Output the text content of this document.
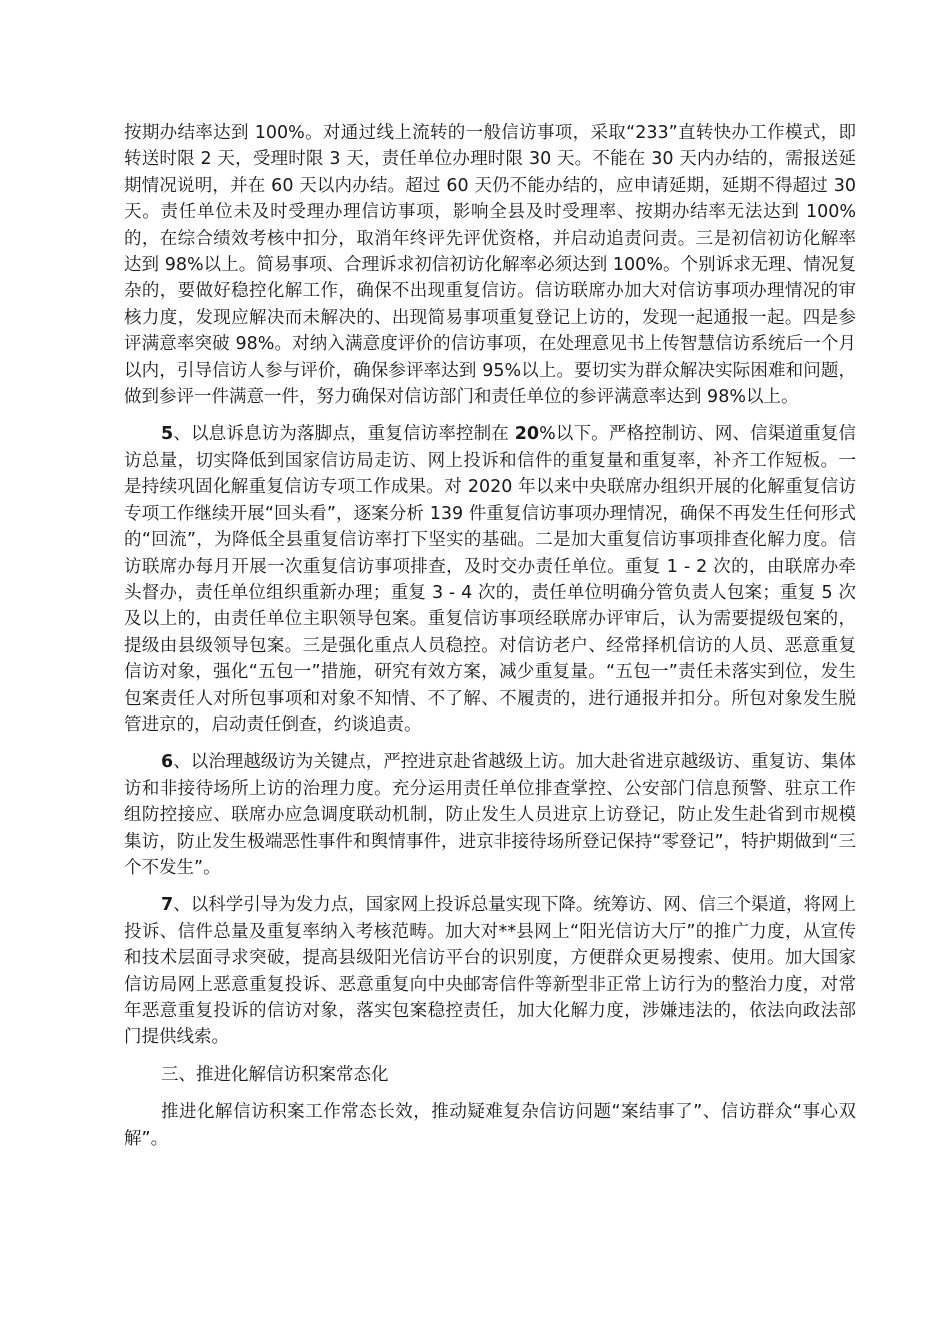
按期办结率达到 100%。对通过线上流转的一般信访事项，采取“233”直转快办工作模式，即转送时限 2 天，受理时限 3 天，责任单位办理时限 30 天。不能在 30 天内办结的，需报送延期情况说明，并在 60 天以内办结。超过 60 天仍不能办结的，应申请延期，延期不得超过 30 天。责任单位未及时受理办理信访事项，影响全县及时受理率、按期办结率无法达到 100%的，在综合绩效考核中扣分，取消年终评先评优资格，并启动追责问责。三是初信初访化解率达到 98%以上。简易事项、合理诉求初信初访化解率必须达到 100%。个别诉求无理、情况复杂的，要做好稳控化解工作，确保不出现重复信访。信访联席办加大对信访事项办理情况的审核力度，发现应解决而未解决的、出现简易事项重复登记上访的，发现一起通报一起。四是参评满意率突破 98%。对纳入满意度评价的信访事项，在处理意见书上传智慧信访系统后一个月以内，引导信访人参与评价，确保参评率达到 95%以上。要切实为群众解决实际困难和问题，做到参评一件满意一件，努力确保对信访部门和责任单位的参评满意率达到 98%以上。

5、以息诉息访为落脚点，重复信访率控制在 20%以下。严格控制访、网、信渠道重复信访总量，切实降低到国家信访局走访、网上投诉和信件的重复量和重复率，补齐工作短板。一是持续巩固化解重复信访专项工作成果。对 2020 年以来中央联席办组织开展的化解重复信访专项工作继续开展“回头看”，逐案分析 139 件重复信访事项办理情况，确保不再发生任何形式的“回流”，为降低全县重复信访率打下坚实的基础。二是加大重复信访事项排查化解力度。信访联席办每月开展一次重复信访事项排查，及时交办责任单位。重复 1 - 2 次的，由联席办牵头督办，责任单位组织重新办理；重复 3 - 4 次的，责任单位明确分管负责人包案；重复 5 次及以上的，由责任单位主职领导包案。重复信访事项经联席办评审后，认为需要提级包案的，提级由县级领导包案。三是强化重点人员稳控。对信访老户、经常择机信访的人员、恶意重复信访对象，强化“五包一”措施，研究有效方案，减少重复量。“五包一”责任未落实到位，发生包案责任人对所包事项和对象不知情、不了解、不履责的，进行通报并扣分。所包对象发生脱管进京的，启动责任倒查，约谈追责。

6、以治理越级访为关键点，严控进京赴省越级上访。加大赴省进京越级访、重复访、集体访和非接待场所上访的治理力度。充分运用责任单位排查掌控、公安部门信息预警、驻京工作组防控接应、联席办应急调度联动机制，防止发生人员进京上访登记，防止发生赴省到市规模集访，防止发生极端恶性事件和舆情事件，进京非接待场所登记保持“零登记”，特护期做到“三个不发生”。

7、以科学引导为发力点，国家网上投诉总量实现下降。统筹访、网、信三个渠道，将网上投诉、信件总量及重复率纳入考核范畴。加大对**县网上“阳光信访大厅”的推广力度，从宣传和技术层面寻求突破，提高县级阳光信访平台的识别度，方便群众更易搜索、使用。加大国家信访局网上恶意重复投诉、恶意重复向中央邮寄信件等新型非正常上访行为的整治力度，对常年恶意重复投诉的信访对象，落实包案稳控责任，加大化解力度，涉嫌违法的，依法向政法部门提供线索。

三、推进化解信访积案常态化

推进化解信访积案工作常态长效，推动疑难复杂信访问题“案结事了”、信访群众“事心双解”。
